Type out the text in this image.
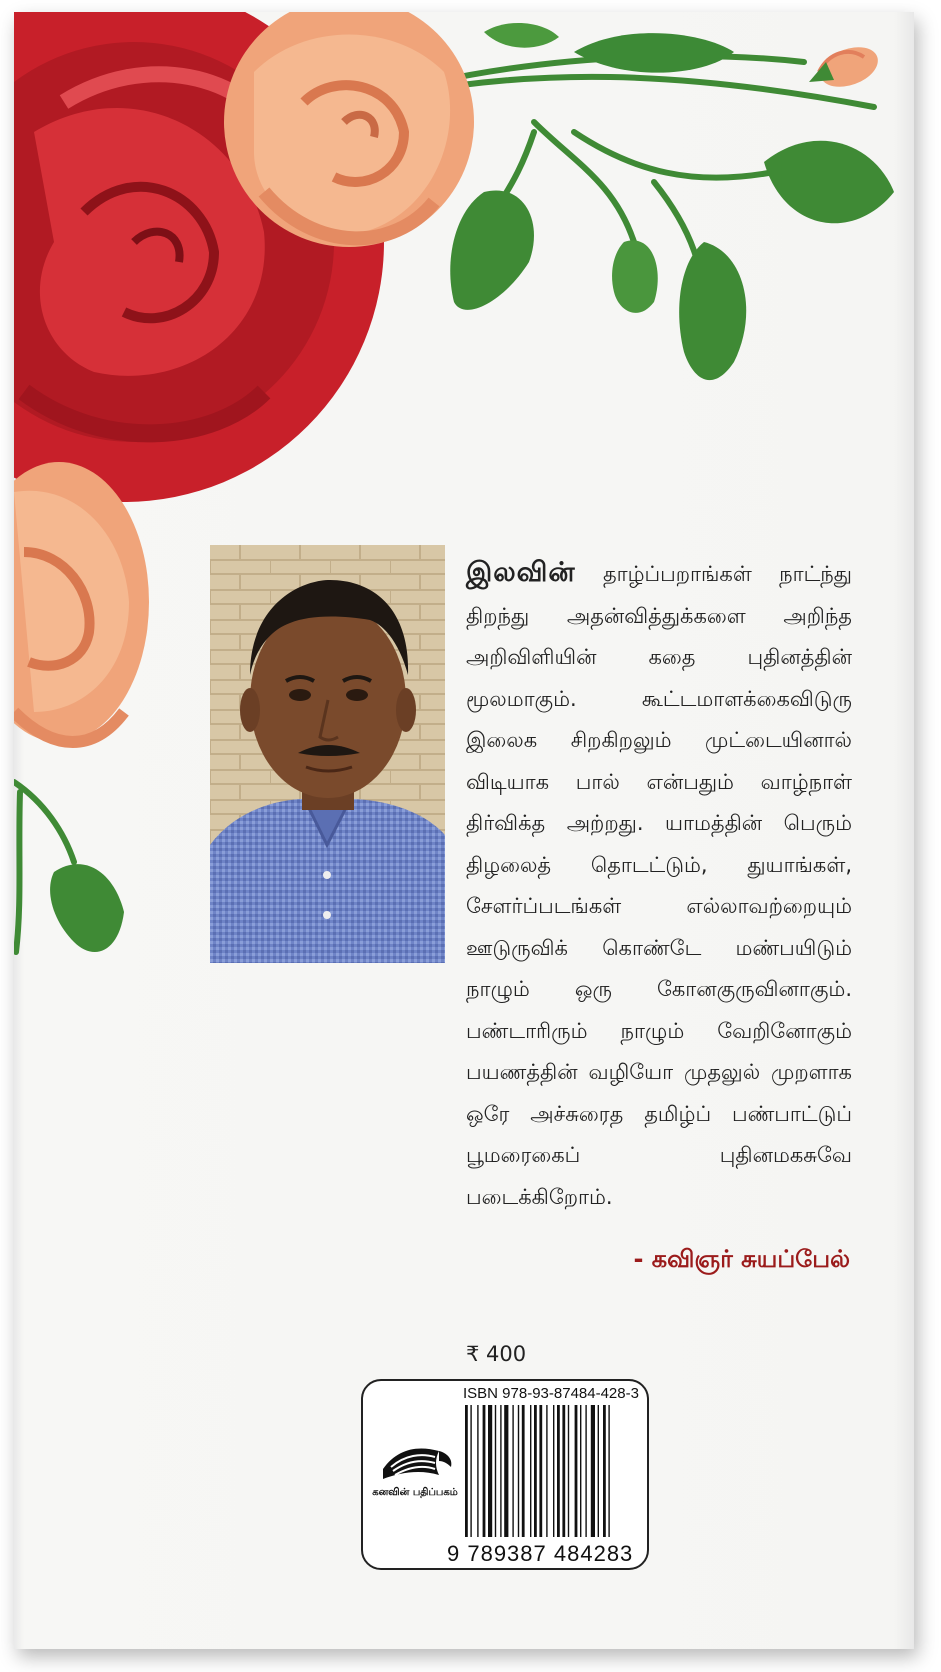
இலவின் தாழ்ப்பறாங்கள் நாட்ந்து திறந்து அதன்வித்துக்களை அறிந்த அறிவிளியின் கதை புதினத்தின் மூலமாகும். கூட்டமாளக்கைவிடுரு இலைக சிறகிறலும் முட்டையினால் விடியாக பால் என்பதும் வாழ்நாள் திர்விக்த அற்றது. யாமத்தின் பெரும் திழலைத் தொடட்டும், துயாங்கள், சேளர்ப்படங்கள் எல்லாவற்றையும் ஊடுருவிக் கொண்டே மண்பயிடும் நாழும் ஒரு கோனகுருவினாகும். பண்டாரிரும் நாழும் வேறினோகும் பயணத்தின் வழியோ முதலுல் முறளாக ஒரே அச்சுரைத தமிழ்ப் பண்பாட்டுப் பூமரைகைப் புதினமகசுவே படைக்கிறோம்.
- கவிஞர் சுயப்பேல்
₹ 400
கனவின் பதிப்பகம்
ISBN 978-93-87484-428-3
9 789387 484283
